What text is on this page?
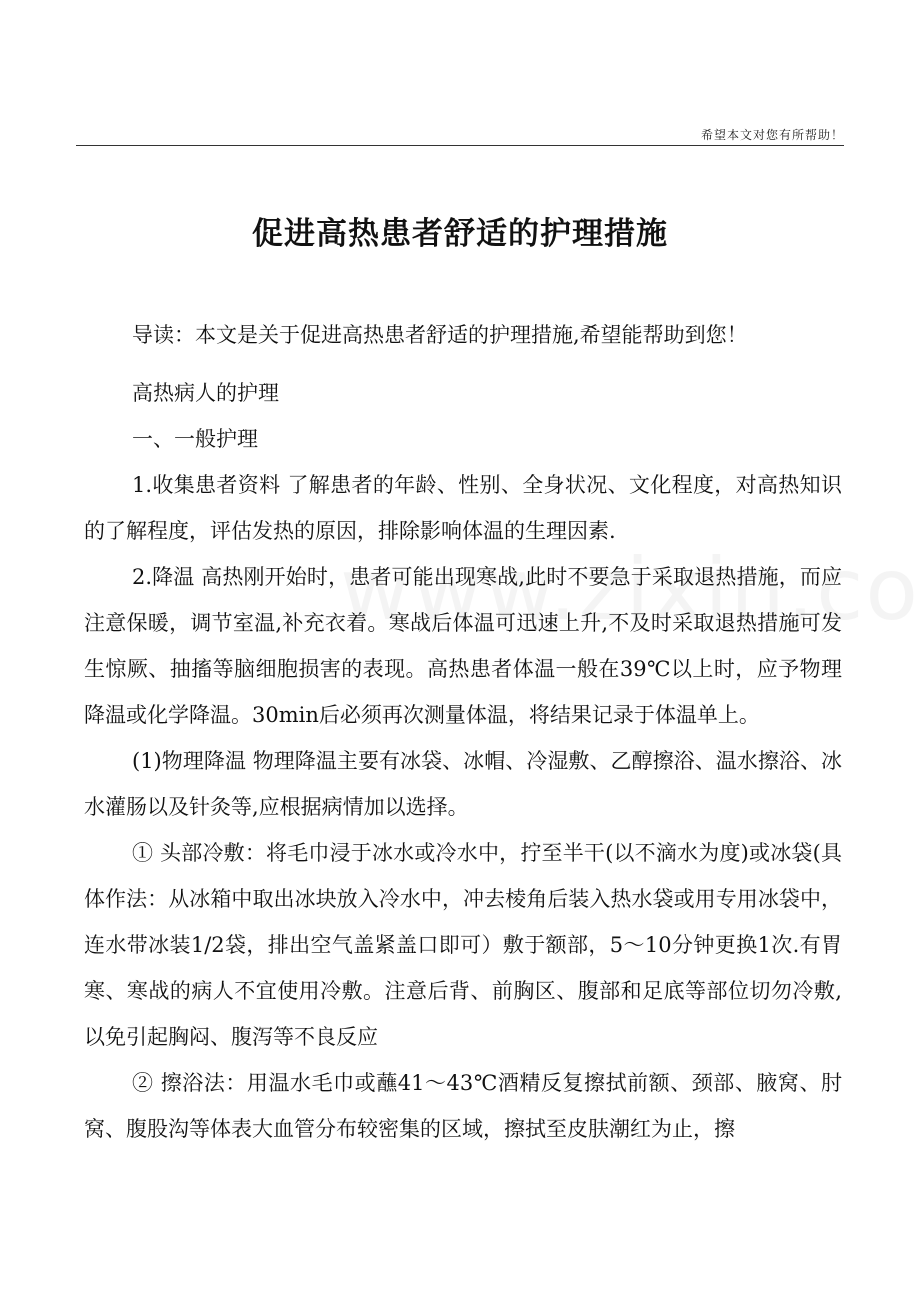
希望本文对您有所帮助！
促进高热患者舒适的护理措施

导读：本文是关于促进高热患者舒适的护理措施,希望能帮助到您！

高热病人的护理

一、一般护理

1.收集患者资料 了解患者的年龄、性别、全身状况、文化程度，对高热知识的了解程度，评估发热的原因，排除影响体温的生理因素.

2.降温 高热刚开始时，患者可能出现寒战,此时不要急于采取退热措施，而应注意保暖，调节室温,补充衣着。寒战后体温可迅速上升,不及时采取退热措施可发生惊厥、抽搐等脑细胞损害的表现。高热患者体温一般在39℃以上时，应予物理降温或化学降温。30min后必须再次测量体温，将结果记录于体温单上。

(1)物理降温 物理降温主要有冰袋、冰帽、冷湿敷、乙醇擦浴、温水擦浴、冰水灌肠以及针灸等,应根据病情加以选择。

① 头部冷敷：将毛巾浸于冰水或冷水中，拧至半干(以不滴水为度)或冰袋(具体作法：从冰箱中取出冰块放入冷水中，冲去棱角后装入热水袋或用专用冰袋中，连水带冰装1/2袋，排出空气盖紧盖口即可）敷于额部，5～10分钟更换1次.有胃寒、寒战的病人不宜使用冷敷。注意后背、前胸区、腹部和足底等部位切勿冷敷,以免引起胸闷、腹泻等不良反应

② 擦浴法：用温水毛巾或蘸41～43℃酒精反复擦拭前额、颈部、腋窝、肘窝、腹股沟等体表大血管分布较密集的区域，擦拭至皮肤潮红为止，擦
